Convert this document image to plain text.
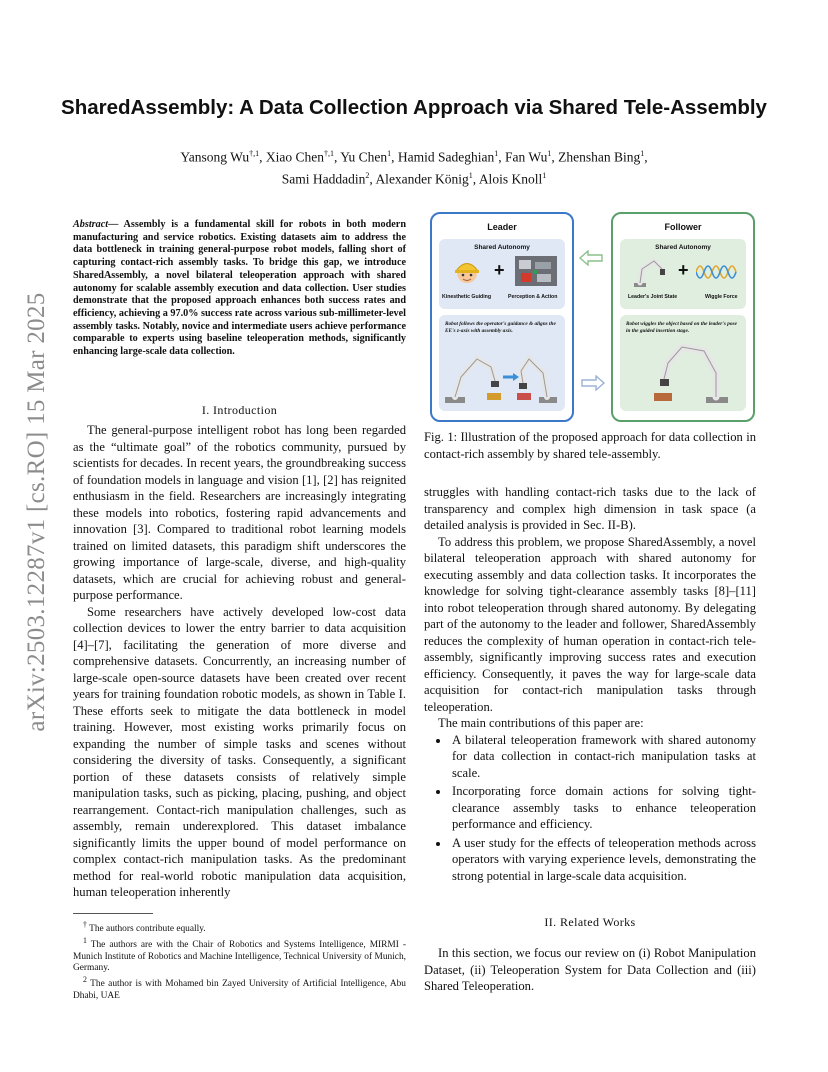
arXiv:2503.12287v1 [cs.RO] 15 Mar 2025
SharedAssembly: A Data Collection Approach via Shared Tele-Assembly
Yansong $Wu^{\dagger,1}$, Xiao Chen$^{\dagger,1}$, Yu Chen$^1$, Hamid Sadeghian$^1$, Fan Wu$^1$, Zhenshan Bing$^1$,
Sami Haddadin$^2$, Alexander König$^1$, Alois Knoll$^1$
Abstract— Assembly is a fundamental skill for robots in both modern manufacturing and service robotics. Existing datasets aim to address the data bottleneck in training general-purpose robot models, falling short of capturing contact-rich assembly tasks. To bridge this gap, we introduce SharedAssembly, a novel bilateral teleoperation approach with shared autonomy for scalable assembly execution and data collection. User studies demonstrate that the proposed approach enhances both success rates and efficiency, achieving a 97.0% success rate across various sub-millimeter-level assembly tasks. Notably, novice and intermediate users achieve performance comparable to experts using baseline teleoperation methods, significantly enhancing large-scale data collection.
I. Introduction

The general-purpose intelligent robot has long been regarded as the “ultimate goal” of the robotics community, pursued by scientists for decades. In recent years, the groundbreaking success of foundation models in language and vision [1], [2] has reignited enthusiasm in the field. Researchers are increasingly integrating these models into robotics, fostering rapid advancements and innovation [3]. Compared to traditional robot learning models trained on limited datasets, this paradigm shift underscores the growing importance of large-scale, diverse, and high-quality datasets, which are crucial for achieving robust and general-purpose performance.

Some researchers have actively developed low-cost data collection devices to lower the entry barrier to data acquisition [4]–[7], facilitating the generation of more diverse and comprehensive datasets. Concurrently, an increasing number of large-scale open-source datasets have been created over recent years for training foundation robotic models, as shown in Table I. These efforts seek to mitigate the data bottleneck in model training. However, most existing works primarily focus on expanding the number of simple tasks and scenes without considering the diversity of tasks. Consequently, a significant portion of these datasets consists of relatively simple manipulation tasks, such as picking, placing, pushing, and object rearrangement. Contact-rich manipulation challenges, such as assembly, remain underexplored. This dataset imbalance significantly limits the upper bound of model performance on complex contact-rich manipulation tasks. As the predominant method for real-world robotic manipulation data acquisition, human teleoperation inherently

† The authors contribute equally.

$^1$ The authors are with the Chair of Robotics and Systems Intelligence, MIRMI - Munich Institute of Robotics and Machine Intelligence, Technical University of Munich, Germany.

$^2$ The author is with Mohamed bin Zayed University of Artificial Intelligence, Abu Dhabi, UAE

Leader
Shared Autonomy
+
Kinesthetic Guiding	Perception & Action
Robot follows the operator's guidance & aligns the EE's z-axis with assembly axis.
Follower
Shared Autonomy
+
Leader's Joint State	Wiggle Force
Robot wiggles the object based on the leader's pose in the guided insertion stage.
Fig. 1: Illustration of the proposed approach for data collection in contact-rich assembly by shared tele-assembly.

struggles with handling contact-rich tasks due to the lack of transparency and complex high dimension in task space (a detailed analysis is provided in Sec. II-B).

To address this problem, we propose SharedAssembly, a novel bilateral teleoperation approach with shared autonomy for executing assembly and data collection tasks. It incorporates the knowledge for solving tight-clearance assembly tasks [8]–[11] into robot teleoperation through shared autonomy. By delegating part of the autonomy to the leader and follower, SharedAssembly reduces the complexity of human operation in contact-rich tele-assembly, significantly improving success rates and execution efficiency. Consequently, it paves the way for large-scale data acquisition for contact-rich manipulation tasks through teleoperation.

The main contributions of this paper are:

• A bilateral teleoperation framework with shared autonomy for data collection in contact-rich manipulation tasks at scale.
• Incorporating force domain actions for solving tight-clearance assembly tasks to enhance teleoperation performance and efficiency.
• A user study for the effects of teleoperation methods across operators with varying experience levels, demonstrating the strong potential in large-scale data acquisition.
II. Related Works

In this section, we focus our review on (i) Robot Manipulation Dataset, (ii) Teleoperation System for Data Collection and (iii) Shared Teleoperation.
